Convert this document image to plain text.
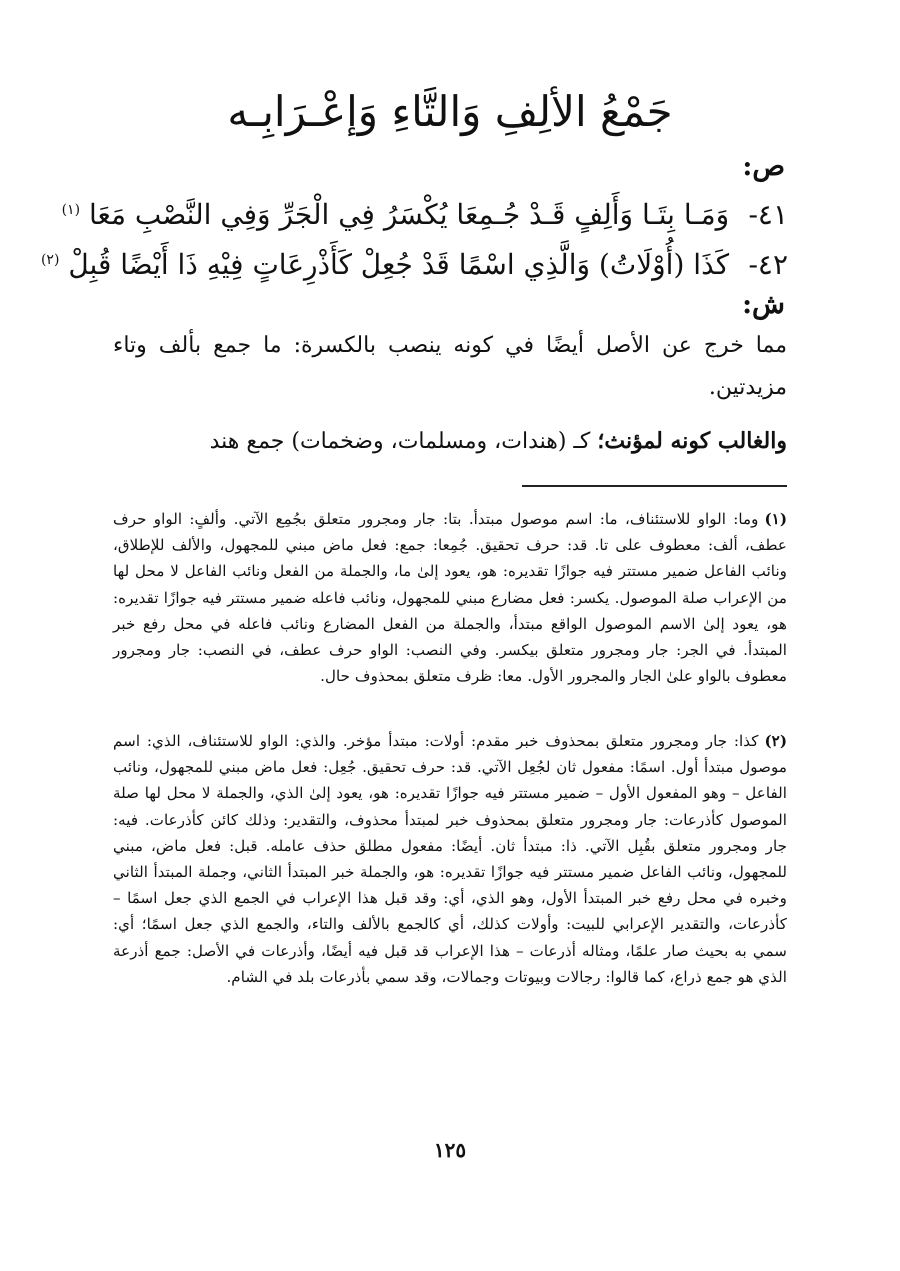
جَمْعُ الألِفِ وَالتَّاءِ وَإعْـرَابِـه
ص:
٤١- وَمَـا بِتَـا وَأَلِفٍ قَـدْ جُـمِعَا يُكْسَرُ فِي الْجَرِّ وَفِي النَّصْبِ مَعَا $^{(١)}$
٤٢- كَذَا (أُوْلَاتُ) وَالَّذِي اسْمًا قَدْ جُعِلْ كَأَذْرِعَاتٍ فِيْهِ ذَا أَيْضًا قُبِلْ $^{(٢)}$
ش:
مما خرج عن الأصل أيضًا في كونه ينصب بالكسرة: ما جمع بألف وتاء مزيدتين.
والغالب كونه لمؤنث؛ كـ (هندات، ومسلمات، وضخمات) جمع هند
(١)وما: الواو للاستئناف، ما: اسم موصول مبتدأ. بتا: جار ومجرور متعلق بجُمِع الآتي. وألفٍ: الواو حرف عطف، ألف: معطوف على تا. قد: حرف تحقيق. جُمِعا: جمع: فعل ماض مبني للمجهول، والألف للإطلاق، ونائب الفاعل ضمير مستتر فيه جوازًا تقديره: هو، يعود إلىٰ ما، والجملة من الفعل ونائب الفاعل لا محل لها من الإعراب صلة الموصول. يكسر: فعل مضارع مبني للمجهول، ونائب فاعله ضمير مستتر فيه جوازًا تقديره: هو، يعود إلىٰ الاسم الموصول الواقع مبتدأ، والجملة من الفعل المضارع ونائب فاعله في محل رفع خبر المبتدأ. في الجر: جار ومجرور متعلق بيكسر. وفي النصب: الواو حرف عطف، في النصب: جار ومجرور معطوف بالواو علىٰ الجار والمجرور الأول. معا: ظرف متعلق بمحذوف حال.
(٢)كذا: جار ومجرور متعلق بمحذوف خبر مقدم: أولات: مبتدأ مؤخر. والذي: الواو للاستئناف، الذي: اسم موصول مبتدأ أول. اسمًا: مفعول ثان لجُعِل الآتي. قد: حرف تحقيق. جُعِل: فعل ماض مبني للمجهول، ونائب الفاعل – وهو المفعول الأول – ضمير مستتر فيه جوازًا تقديره: هو، يعود إلىٰ الذي، والجملة لا محل لها صلة الموصول كأذرعات: جار ومجرور متعلق بمحذوف خبر لمبتدأ محذوف، والتقدير: وذلك كائن كأذرعات. فيه: جار ومجرور متعلق بقُبِل الآتي. ذا: مبتدأ ثان. أيضًا: مفعول مطلق حذف عامله. قبل: فعل ماض، مبني للمجهول، ونائب الفاعل ضمير مستتر فيه جوازًا تقديره: هو، والجملة خبر المبتدأ الثاني، وجملة المبتدأ الثاني وخبره في محل رفع خبر المبتدأ الأول، وهو الذي، أي: وقد قبل هذا الإعراب في الجمع الذي جعل اسمًا – كأذرعات، والتقدير الإعرابي للبيت: وأولات كذلك، أي كالجمع بالألف والتاء، والجمع الذي جعل اسمًا؛ أي: سمي به بحيث صار علمًا، ومثاله أذرعات – هذا الإعراب قد قبل فيه أيضًا، وأذرعات في الأصل: جمع أذرعة الذي هو جمع ذراع، كما قالوا: رجالات وبيوتات وجمالات، وقد سمي بأذرعات بلد في الشام.
١٢٥
